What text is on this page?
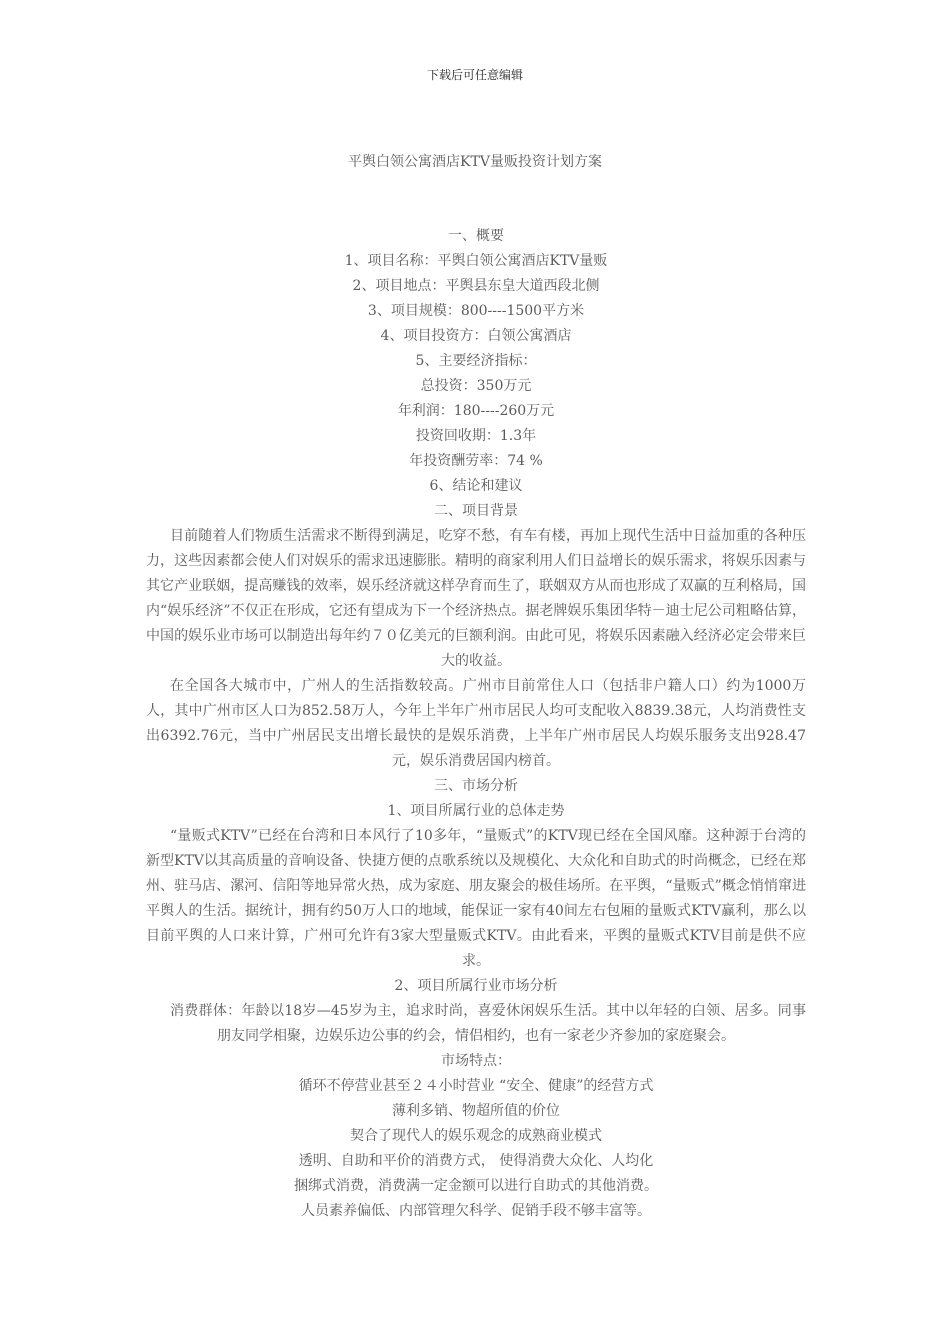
下载后可任意编辑
平舆白领公寓酒店KTV量贩投资计划方案

一、概要

1、项目名称：平舆白领公寓酒店KTV量贩

2、项目地点：平舆县东皇大道西段北侧

3、项目规模：800----1500平方米

4、项目投资方：白领公寓酒店

5、主要经济指标：

总投资：350万元

年利润：180----260万元

投资回收期：1.3年

年投资酬劳率：74 %

6、结论和建议

二、项目背景

目前随着人们物质生活需求不断得到满足，吃穿不愁，有车有楼，再加上现代生活中日益加重的各种压力，这些因素都会使人们对娱乐的需求迅速膨胀。精明的商家利用人们日益增长的娱乐需求，将娱乐因素与其它产业联姻，提高赚钱的效率，娱乐经济就这样孕育而生了，联姻双方从而也形成了双赢的互利格局，国内“娱乐经济”不仅正在形成，它还有望成为下一个经济热点。据老牌娱乐集团华特－迪士尼公司粗略估算，中国的娱乐业市场可以制造出每年约７０亿美元的巨额利润。由此可见，将娱乐因素融入经济必定会带来巨大的收益。

在全国各大城市中，广州人的生活指数较高。广州市目前常住人口（包括非户籍人口）约为1000万人，其中广州市区人口为852.58万人，今年上半年广州市居民人均可支配收入8839.38元，人均消费性支出6392.76元，当中广州居民支出增长最快的是娱乐消费，上半年广州市居民人均娱乐服务支出928.47元，娱乐消费居国内榜首。

三、市场分析

1、项目所属行业的总体走势

“量贩式KTV”已经在台湾和日本风行了10多年，“量贩式”的KTV现已经在全国风靡。这种源于台湾的新型KTV以其高质量的音响设备、快捷方便的点歌系统以及规模化、大众化和自助式的时尚概念，已经在郑州、驻马店、漯河、信阳等地异常火热，成为家庭、朋友聚会的极佳场所。在平舆，“量贩式”概念悄悄窜进平舆人的生活。据统计，拥有约50万人口的地域，能保证一家有40间左右包厢的量贩式KTV赢利，那么以目前平舆的人口来计算，广州可允许有3家大型量贩式KTV。由此看来，平舆的量贩式KTV目前是供不应求。

2、项目所属行业市场分析

消费群体：年龄以18岁—45岁为主，追求时尚，喜爱休闲娱乐生活。其中以年轻的白领、居多。同事朋友同学相聚，边娱乐边公事的约会，情侣相约，也有一家老少齐参加的家庭聚会。

市场特点：

循环不停营业甚至２４小时营业 “安全、健康”的经营方式

薄利多销、物超所值的价位

契合了现代人的娱乐观念的成熟商业模式

透明、自助和平价的消费方式， 使得消费大众化、人均化

捆绑式消费，消费满一定金额可以进行自助式的其他消费。

人员素养偏低、内部管理欠科学、促销手段不够丰富等。
